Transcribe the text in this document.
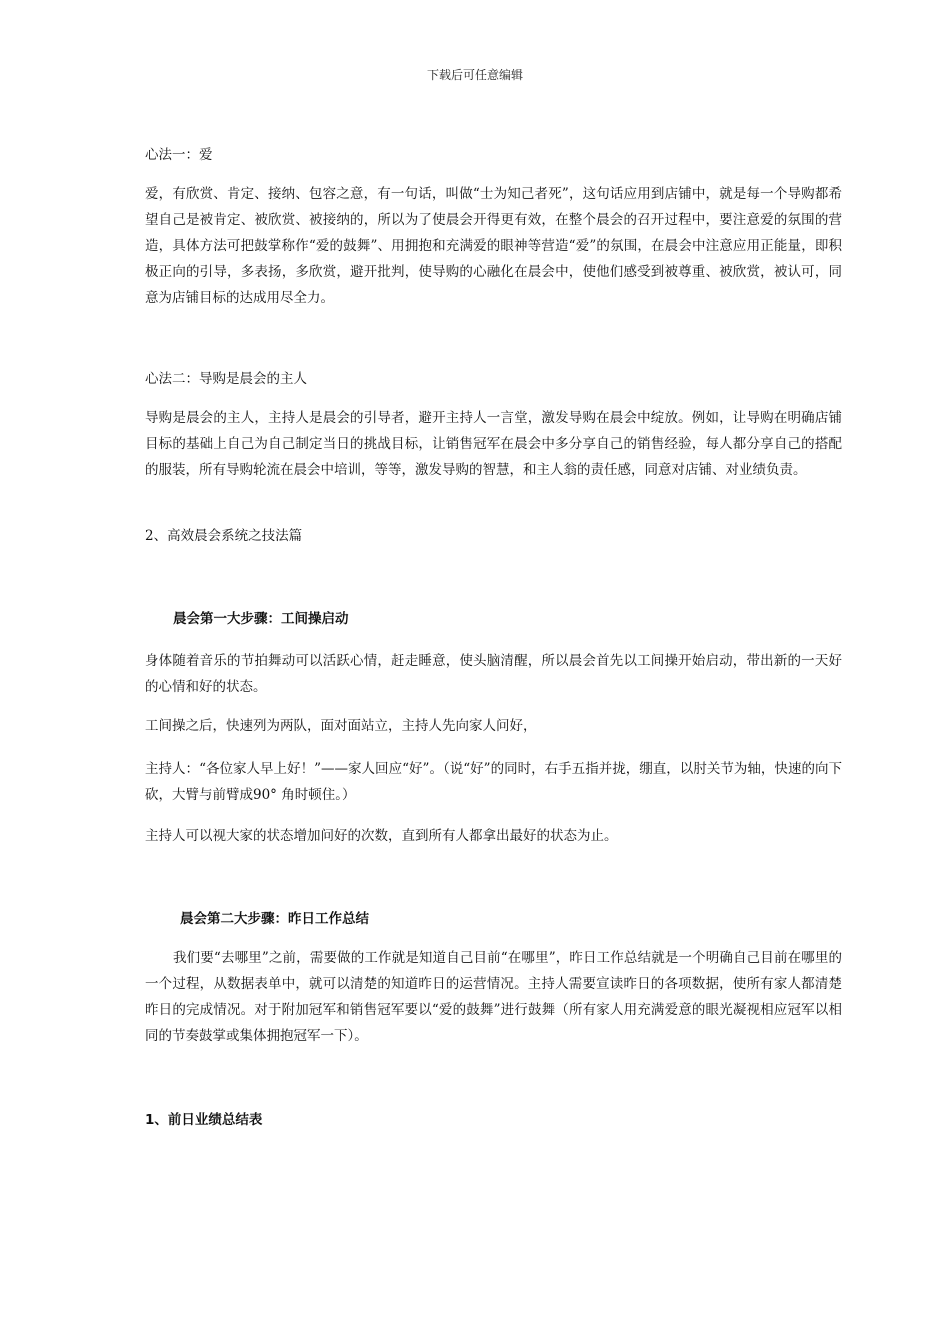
下载后可任意编辑

心法一：爱

爱，有欣赏、肯定、接纳、包容之意，有一句话，叫做“士为知己者死”，这句话应用到店铺中，就是每一个导购都希望自己是被肯定、被欣赏、被接纳的，所以为了使晨会开得更有效，在整个晨会的召开过程中，要注意爱的氛围的营造，具体方法可把鼓掌称作“爱的鼓舞”、用拥抱和充满爱的眼神等营造“爱”的氛围，在晨会中注意应用正能量，即积极正向的引导，多表扬，多欣赏，避开批判，使导购的心融化在晨会中，使他们感受到被尊重、被欣赏，被认可，同意为店铺目标的达成用尽全力。

心法二：导购是晨会的主人

导购是晨会的主人，主持人是晨会的引导者，避开主持人一言堂，激发导购在晨会中绽放。例如，让导购在明确店铺目标的基础上自己为自己制定当日的挑战目标，让销售冠军在晨会中多分享自己的销售经验，每人都分享自己的搭配的服装，所有导购轮流在晨会中培训，等等，激发导购的智慧，和主人翁的责任感，同意对店铺、对业绩负责。

2、高效晨会系统之技法篇

晨会第一大步骤：工间操启动

身体随着音乐的节拍舞动可以活跃心情，赶走睡意，使头脑清醒，所以晨会首先以工间操开始启动，带出新的一天好的心情和好的状态。

工间操之后，快速列为两队，面对面站立，主持人先向家人问好，

主持人：“各位家人早上好！”——家人回应“好”。（说“好”的同时，右手五指并拢，绷直，以肘关节为轴，快速的向下砍，大臂与前臂成90° 角时顿住。）

主持人可以视大家的状态增加问好的次数，直到所有人都拿出最好的状态为止。

晨会第二大步骤：昨日工作总结

我们要“去哪里”之前，需要做的工作就是知道自己目前“在哪里”，昨日工作总结就是一个明确自己目前在哪里的一个过程，从数据表单中，就可以清楚的知道昨日的运营情况。主持人需要宣读昨日的各项数据，使所有家人都清楚昨日的完成情况。对于附加冠军和销售冠军要以“爱的鼓舞”进行鼓舞（所有家人用充满爱意的眼光凝视相应冠军以相同的节奏鼓掌或集体拥抱冠军一下）。

1、前日业绩总结表
